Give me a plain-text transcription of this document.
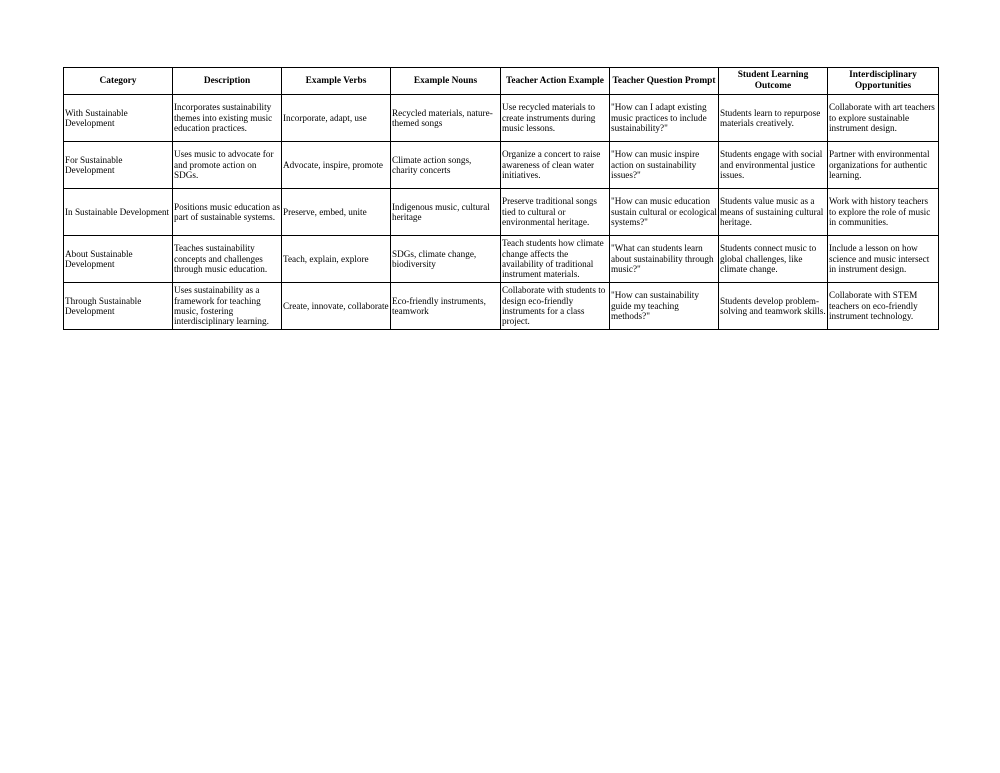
Category	Description	Example Verbs	Example Nouns	Teacher Action Example	Teacher Question Prompt	Student Learning Outcome	Interdisciplinary Opportunities
With Sustainable Development	Incorporates sustainability themes into existing music education practices.	Incorporate, adapt, use	Recycled materials, nature-themed songs	Use recycled materials to create instruments during music lessons.	"How can I adapt existing music practices to include sustainability?"	Students learn to repurpose materials creatively.	Collaborate with art teachers to explore sustainable instrument design.
For Sustainable Development	Uses music to advocate for and promote action on SDGs.	Advocate, inspire, promote	Climate action songs, charity concerts	Organize a concert to raise awareness of clean water initiatives.	"How can music inspire action on sustainability issues?"	Students engage with social and environmental justice issues.	Partner with environmental organizations for authentic learning.
In Sustainable Development	Positions music education as part of sustainable systems.	Preserve, embed, unite	Indigenous music, cultural heritage	Preserve traditional songs tied to cultural or environmental heritage.	"How can music education sustain cultural or ecological systems?"	Students value music as a means of sustaining cultural heritage.	Work with history teachers to explore the role of music in communities.
About Sustainable Development	Teaches sustainability concepts and challenges through music education.	Teach, explain, explore	SDGs, climate change, biodiversity	Teach students how climate change affects the availability of traditional instrument materials.	"What can students learn about sustainability through music?"	Students connect music to global challenges, like climate change.	Include a lesson on how science and music intersect in instrument design.
Through Sustainable Development	Uses sustainability as a framework for teaching music, fostering interdisciplinary learning.	Create, innovate, collaborate	Eco-friendly instruments, teamwork	Collaborate with students to design eco-friendly instruments for a class project.	"How can sustainability guide my teaching methods?"	Students develop problem-solving and teamwork skills.	Collaborate with STEM teachers on eco-friendly instrument technology.
